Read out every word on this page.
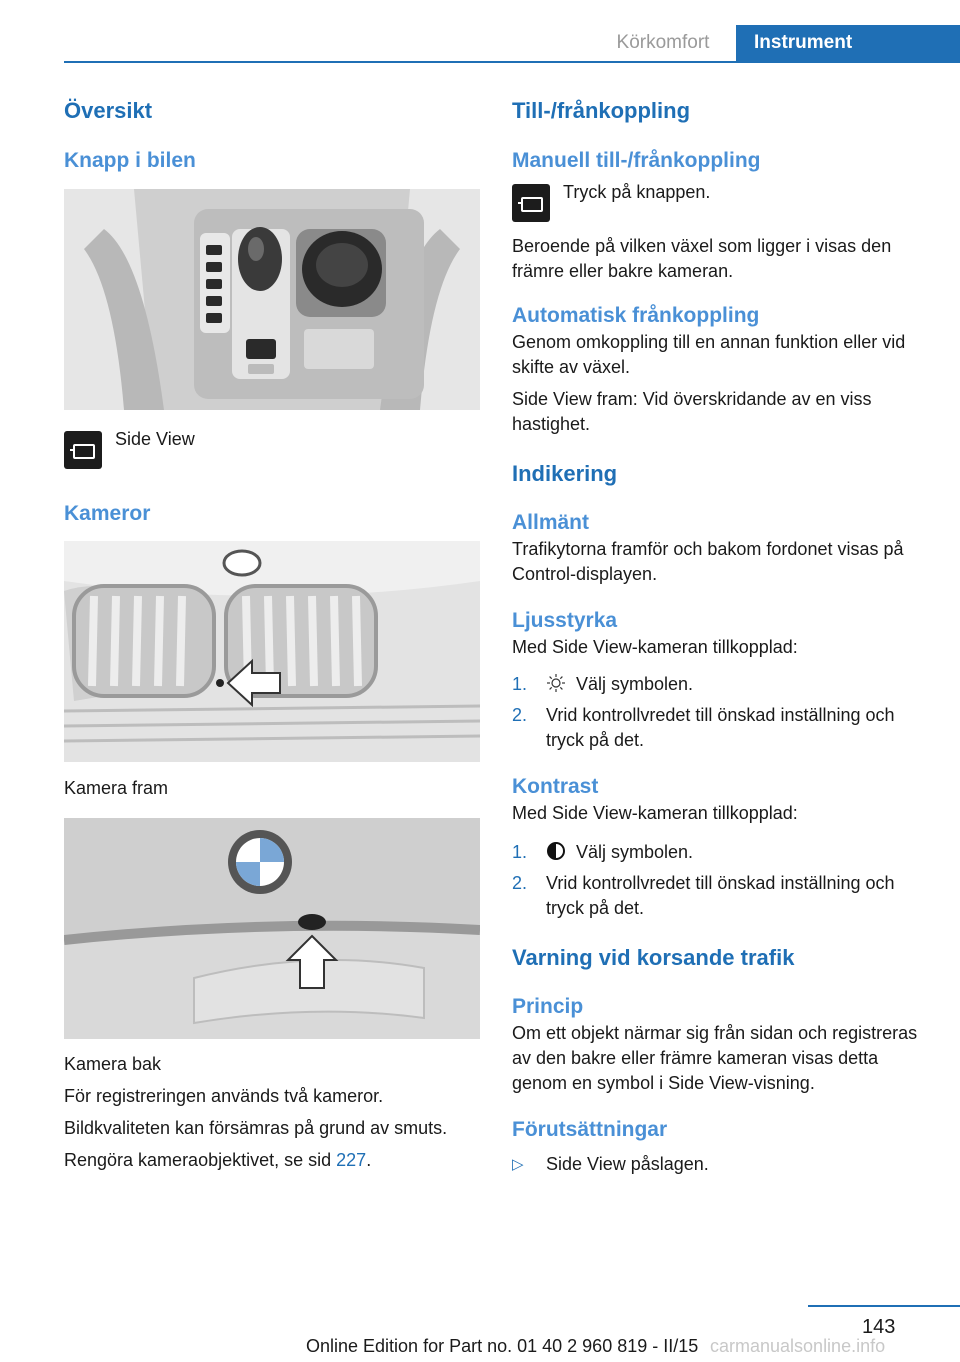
Körkomfort	Instrument
Översikt
Knapp i bilen

Side View

Kameror

Kamera fram

Kamera bak

För registreringen används två kameror.

Bildkvaliteten kan försämras på grund av smuts.

Rengöra kameraobjektivet, se sid 227.

Till-/frånkoppling
Manuell till-/frånkoppling

Tryck på knappen.

Beroende på vilken växel som ligger i visas den främre eller bakre kameran.

Automatisk frånkoppling

Genom omkoppling till en annan funktion eller vid skifte av växel.

Side View fram: Vid överskridande av en viss hastighet.

Indikering
Allmänt

Trafikytorna framför och bakom fordonet visas på Control-displayen.

Ljusstyrka

Med Side View-kameran tillkopplad:

1.	Välj symbolen.
2.	Vrid kontrollvredet till önskad inställning och tryck på det.
Kontrast

Med Side View-kameran tillkopplad:

1.	Välj symbolen.
2.	Vrid kontrollvredet till önskad inställning och tryck på det.
Varning vid korsande trafik
Princip

Om ett objekt närmar sig från sidan och registreras av den bakre eller främre kameran visas detta genom en symbol i Side View-visning.

Förutsättningar
▷	Side View påslagen.
143
Online Edition for Part no. 01 40 2 960 819 - II/15 carmanualsonline.info
